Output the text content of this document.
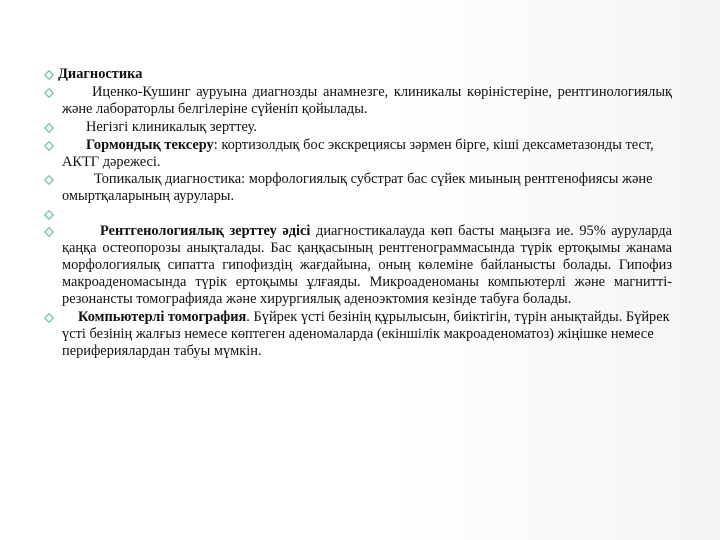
Диагностика
Иценко-Кушинг ауруына диагнозды анамнезге, клиникалы көрiнiстерiне, рентгинологиялық және лабораторлы белгiлерiне сүйенiп қойылады.
Негiзгi клиникалық зерттеу.
Гормондық тексеру: кортизолдық бос экскрециясы зәрмен бiрге, кiшi дексаметазонды тест, АКТГ дәрежесi.
Топикалық диагностика: морфологиялық субстрат бас сүйек миының рентгенофиясы және омыртқаларының аурулары.
Рентгенологиялық зерттеу әдiсi диагностикалауда көп басты маңызға ие. 95% ауруларда қаңқа остеопорозы анықталады. Бас қаңқасының рентгенограммасында түрiк ертоқымы жанама морфологиялық сипатта гипофиздiң жағдайына, оның көлемiне байланысты болады. Гипофиз макроаденомасында түрiк ертоқымы ұлғаяды. Микроаденоманы компьютерлi және магнитті-резонансты томографияда және хирургиялық аденоэктомия кезiнде табуға болады.
Компьютерлi томография. Бүйрек үстi безiнiң құрылысын, биiктiгiн, түрiн анықтайды. Бүйрек үстi безiнiң жалғыз немесе көптеген аденомаларда (екiншiлiк макроаденоматоз) жiңiшке немесе перифериялардан табуы мүмкiн.
